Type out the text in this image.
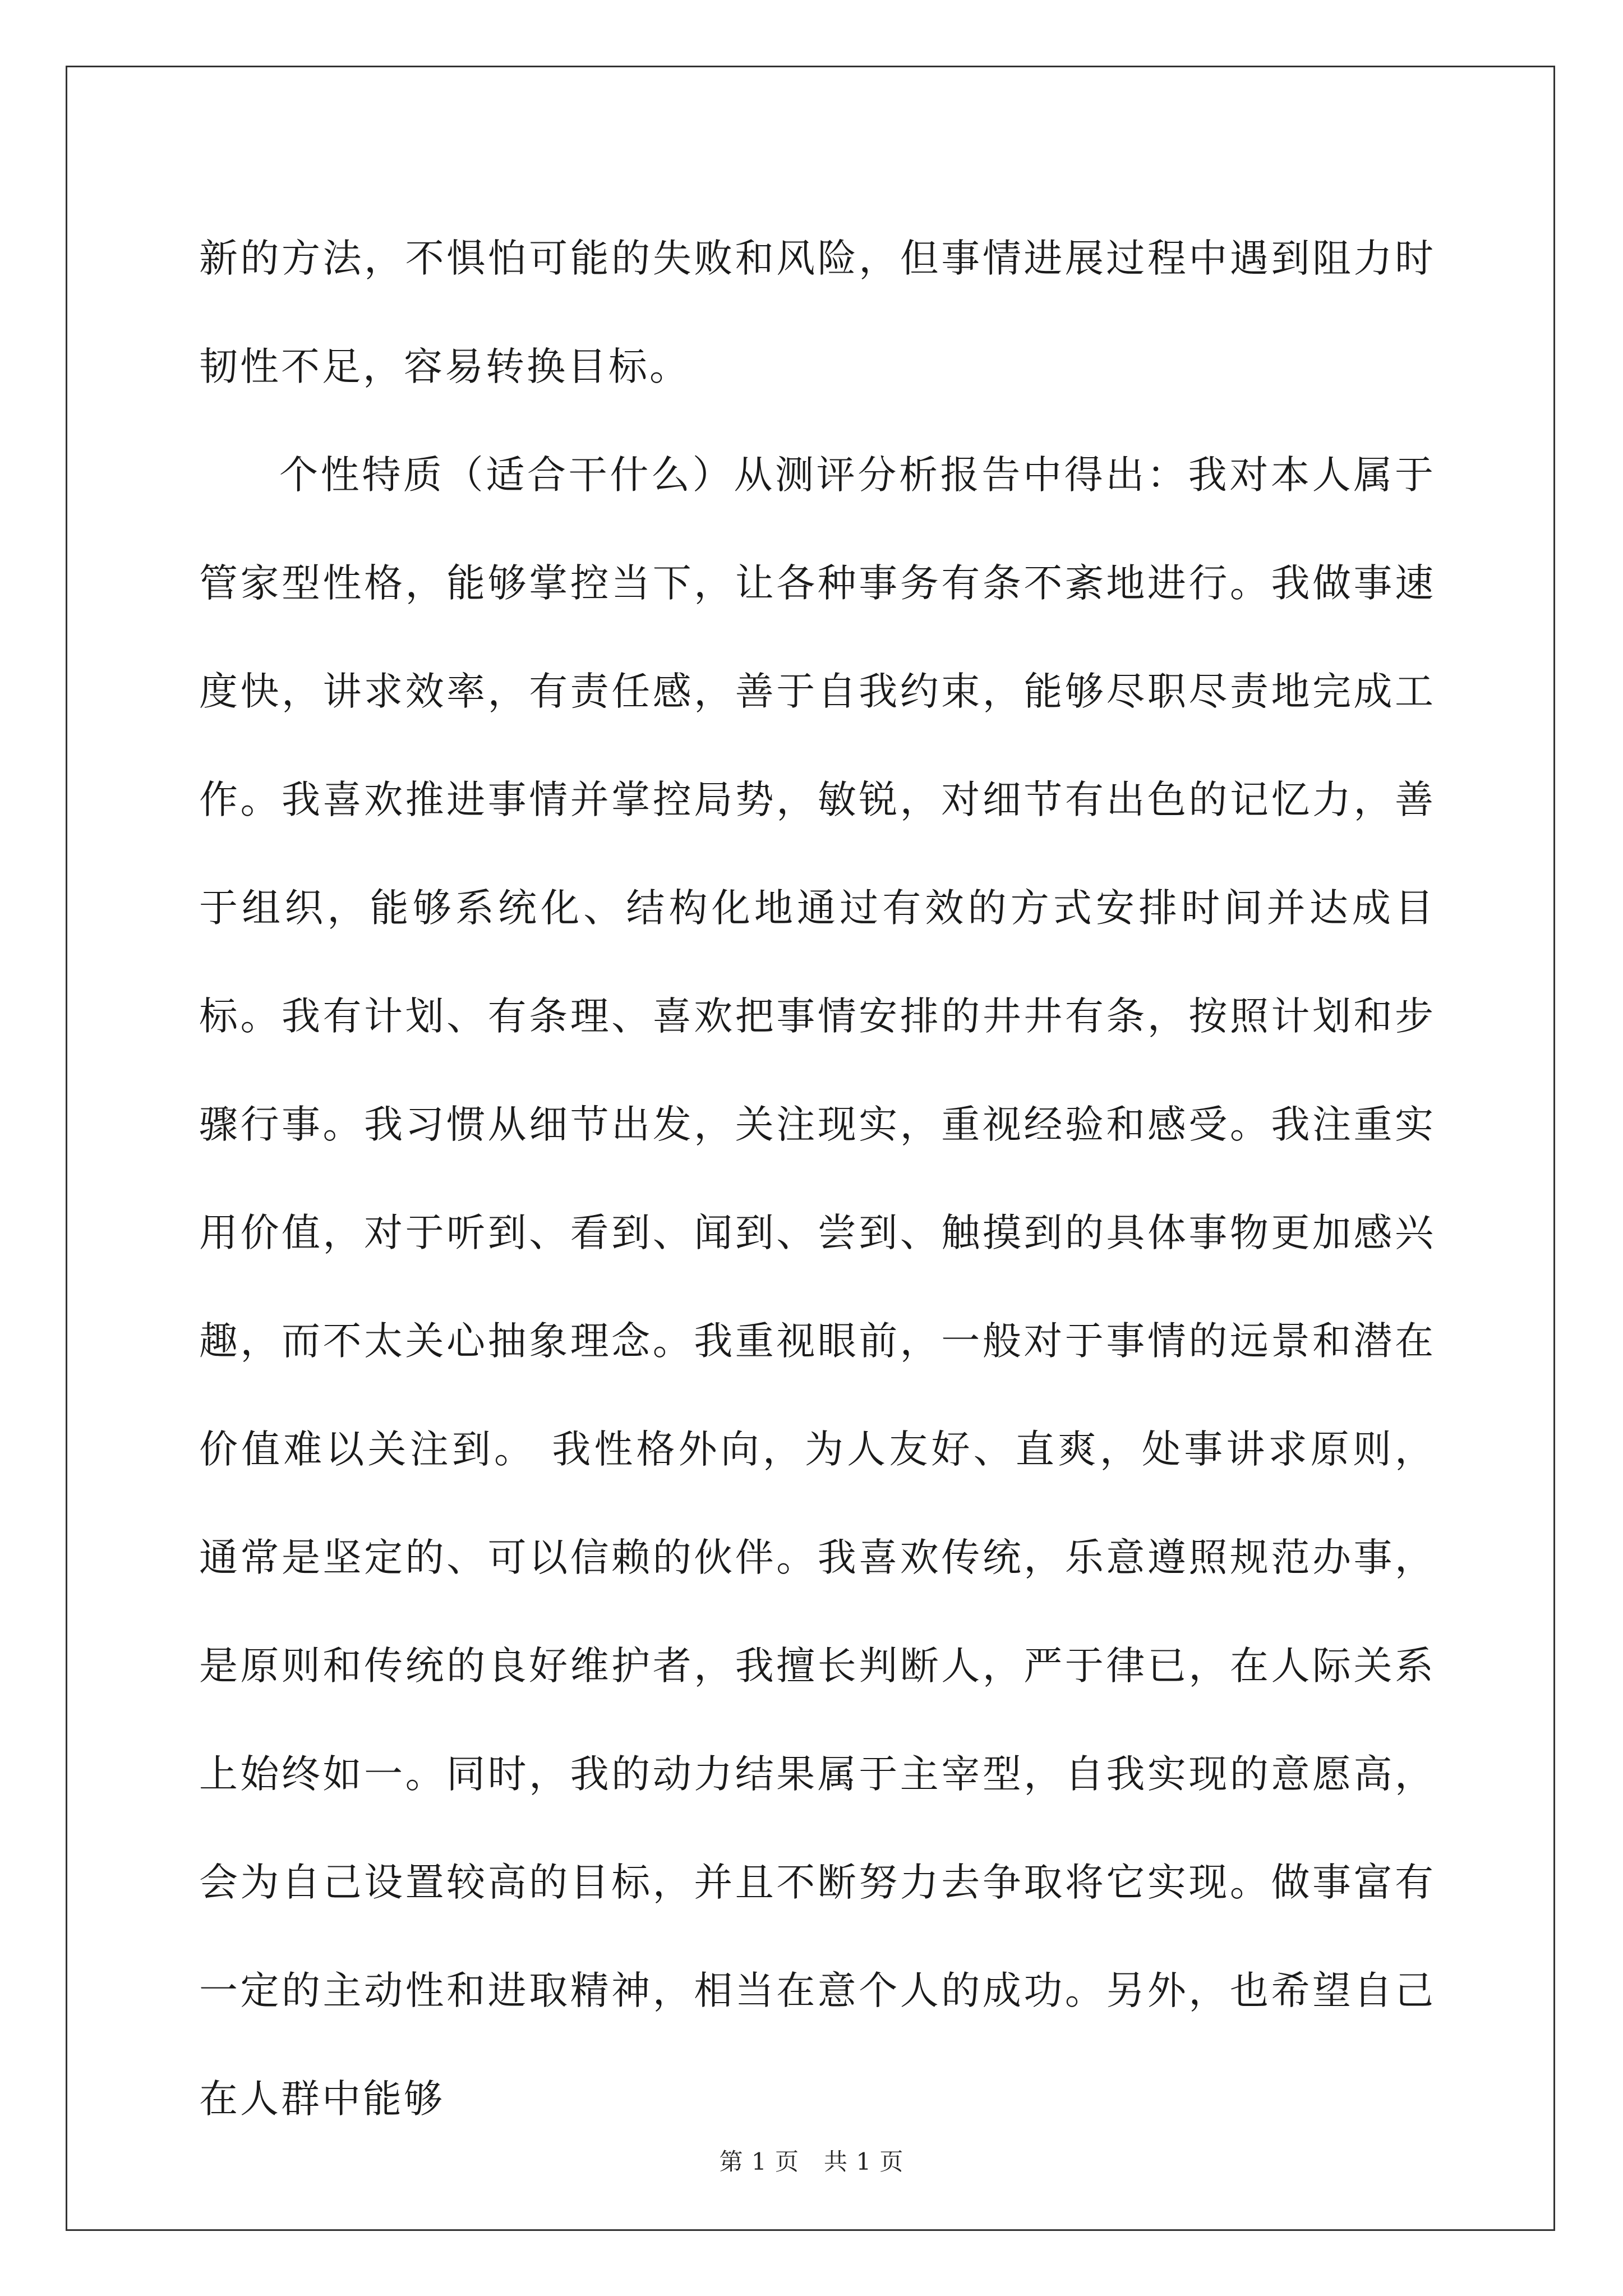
新的方法，不惧怕可能的失败和风险，但事情进展过程中遇到阻力时韧性不足，容易转换目标。

个性特质（适合干什么）从测评分析报告中得出：我对本人属于管家型性格，能够掌控当下，让各种事务有条不紊地进行。我做事速度快，讲求效率，有责任感，善于自我约束，能够尽职尽责地完成工作。我喜欢推进事情并掌控局势，敏锐，对细节有出色的记忆力，善于组织，能够系统化、结构化地通过有效的方式安排时间并达成目标。我有计划、有条理、喜欢把事情安排的井井有条，按照计划和步骤行事。我习惯从细节出发，关注现实，重视经验和感受。我注重实用价值，对于听到、看到、闻到、尝到、触摸到的具体事物更加感兴趣，而不太关心抽象理念。我重视眼前，一般对于事情的远景和潜在价值难以关注到。 我性格外向，为人友好、直爽，处事讲求原则，通常是坚定的、可以信赖的伙伴。我喜欢传统，乐意遵照规范办事，是原则和传统的良好维护者，我擅长判断人，严于律已，在人际关系上始终如一。同时，我的动力结果属于主宰型，自我实现的意愿高，会为自己设置较高的目标，并且不断努力去争取将它实现。做事富有一定的主动性和进取精神，相当在意个人的成功。另外，也希望自己在人群中能够

第 1 页 共 1 页
